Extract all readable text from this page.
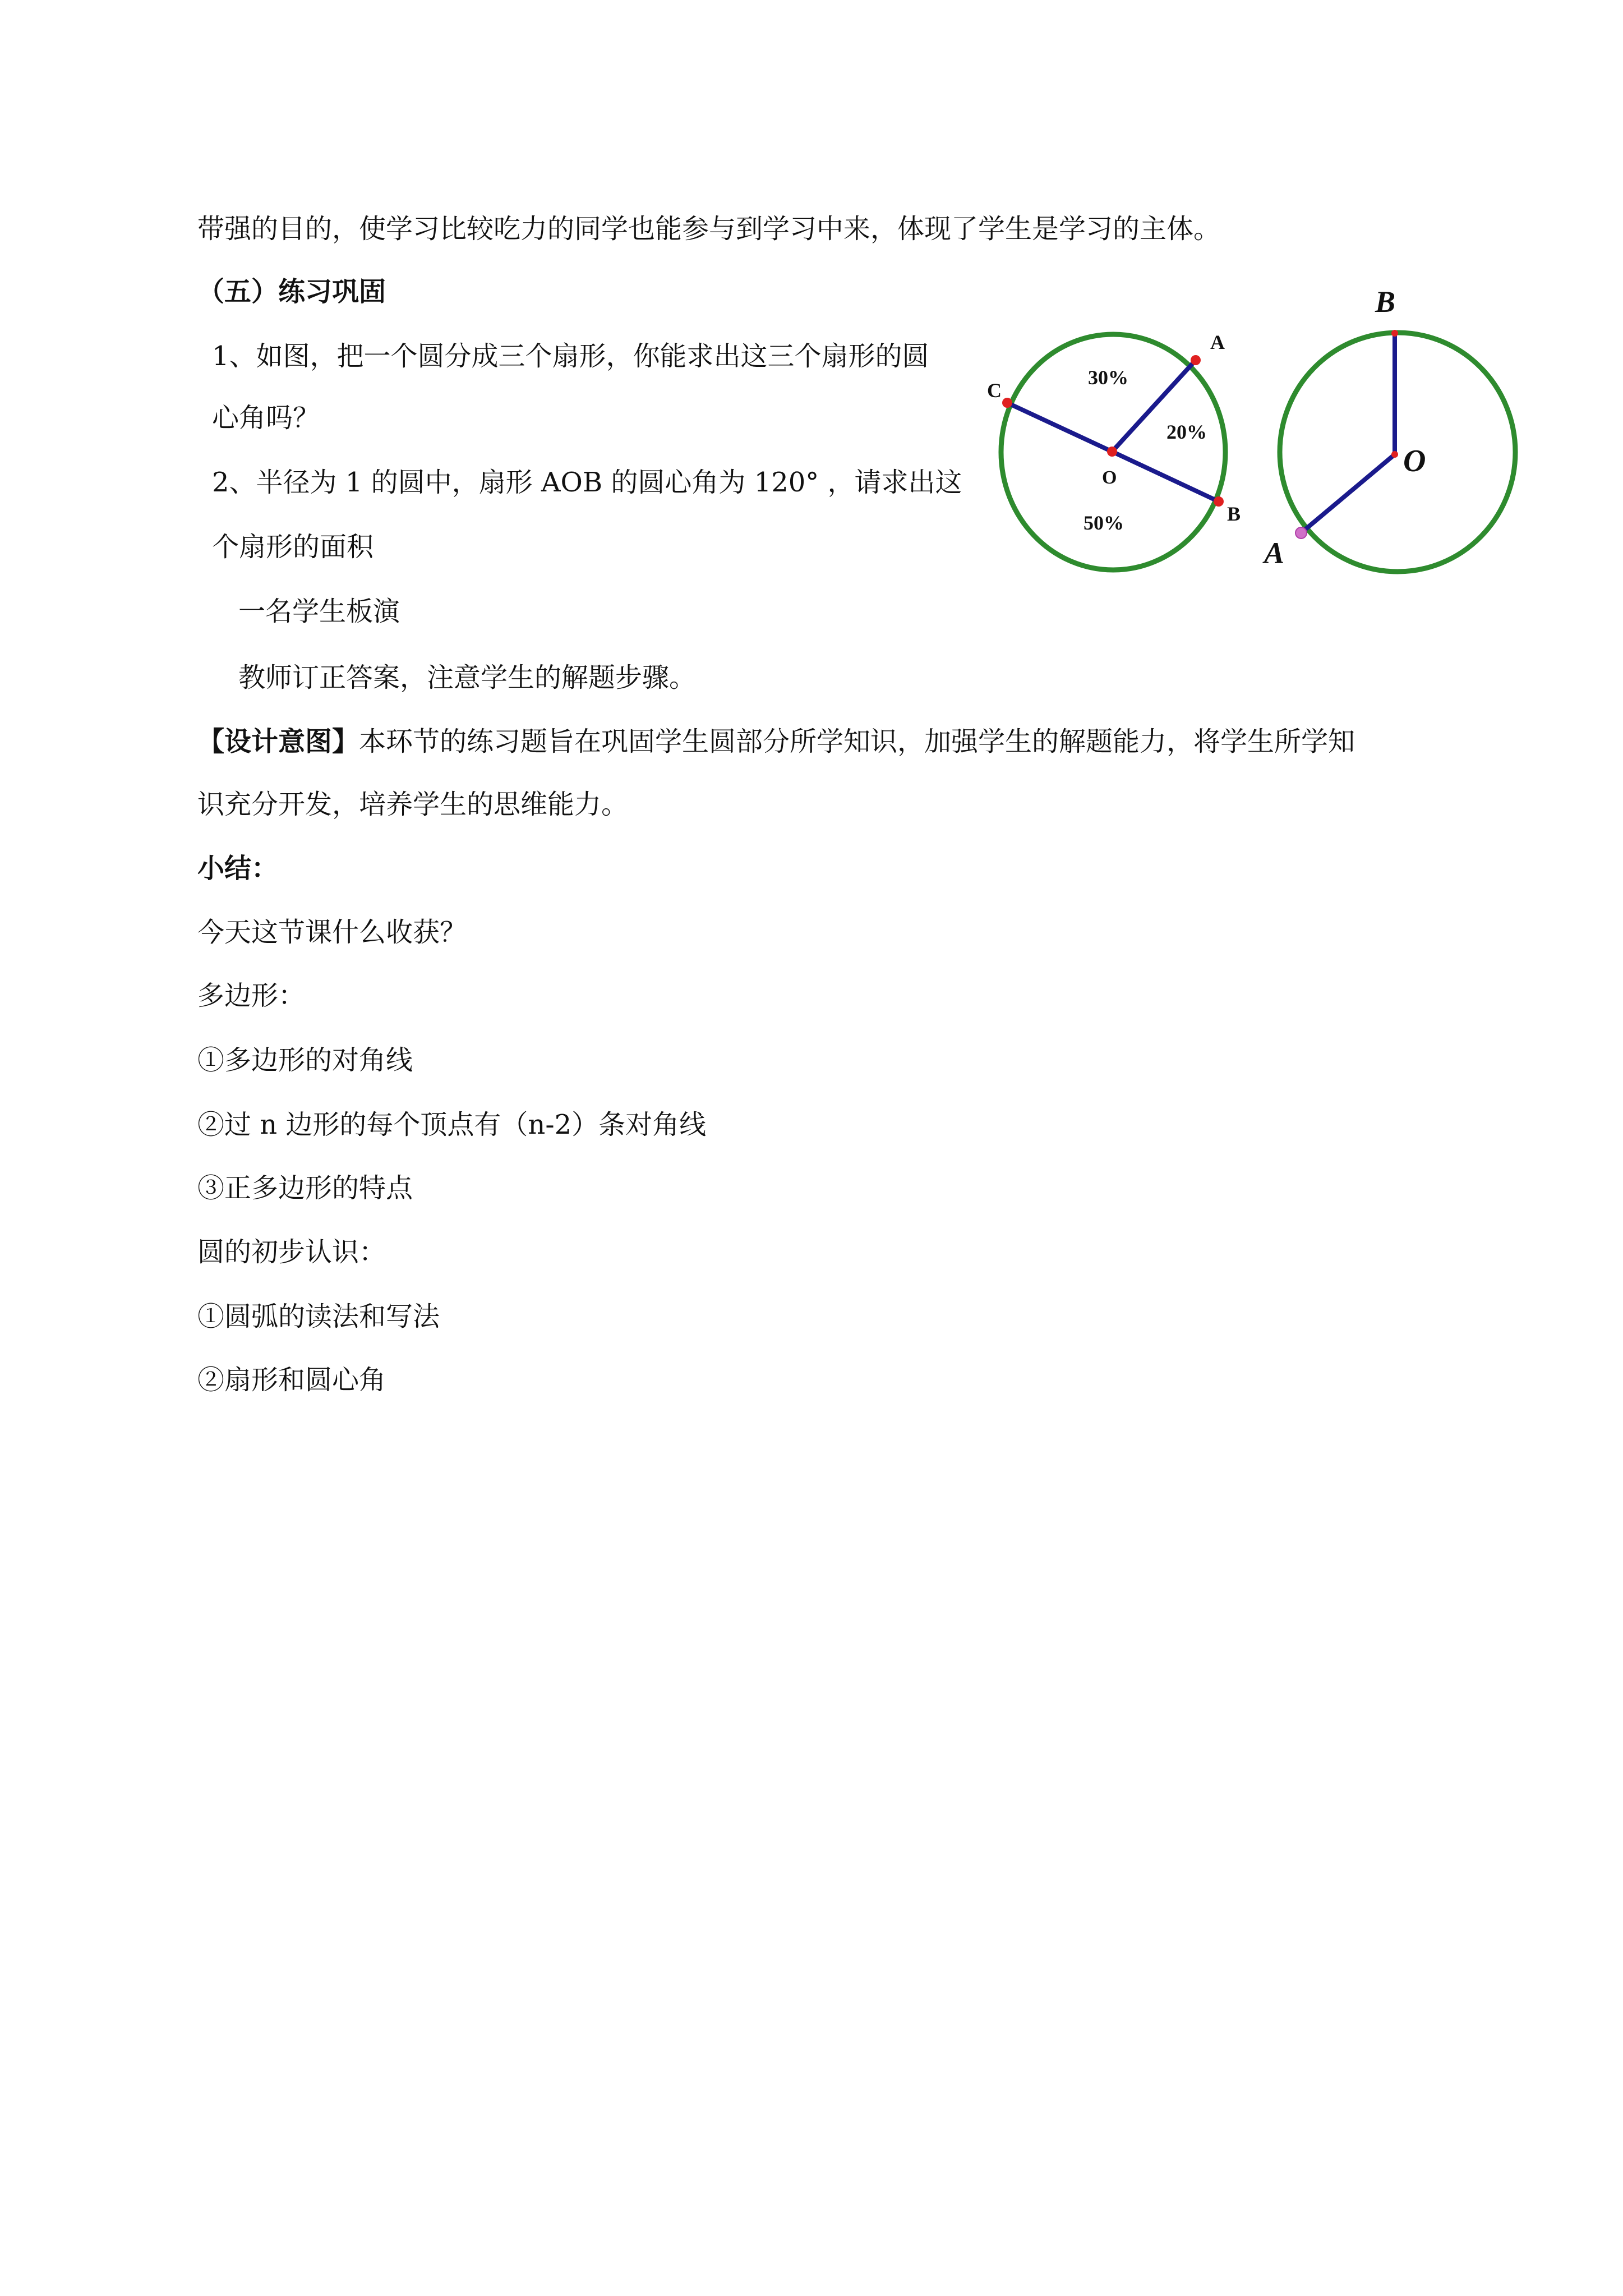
带强的目的，使学习比较吃力的同学也能参与到学习中来，体现了学生是学习的主体。
（五）练习巩固
1、如图，把一个圆分成三个扇形，你能求出这三个扇形的圆
心角吗？
2、半径为 1 的圆中，扇形 AOB 的圆心角为 120° ，请求出这
个扇形的面积
一名学生板演
教师订正答案，注意学生的解题步骤。
【设计意图】本环节的练习题旨在巩固学生圆部分所学知识，加强学生的解题能力，将学生所学知
识充分开发，培养学生的思维能力。
小结：
今天这节课什么收获？
多边形：
①多边形的对角线
②过 n 边形的每个顶点有（n-2）条对角线
③正多边形的特点
圆的初步认识：
①圆弧的读法和写法
②扇形和圆心角
A
C
B
O
30%
20%
50%
B
O
A
